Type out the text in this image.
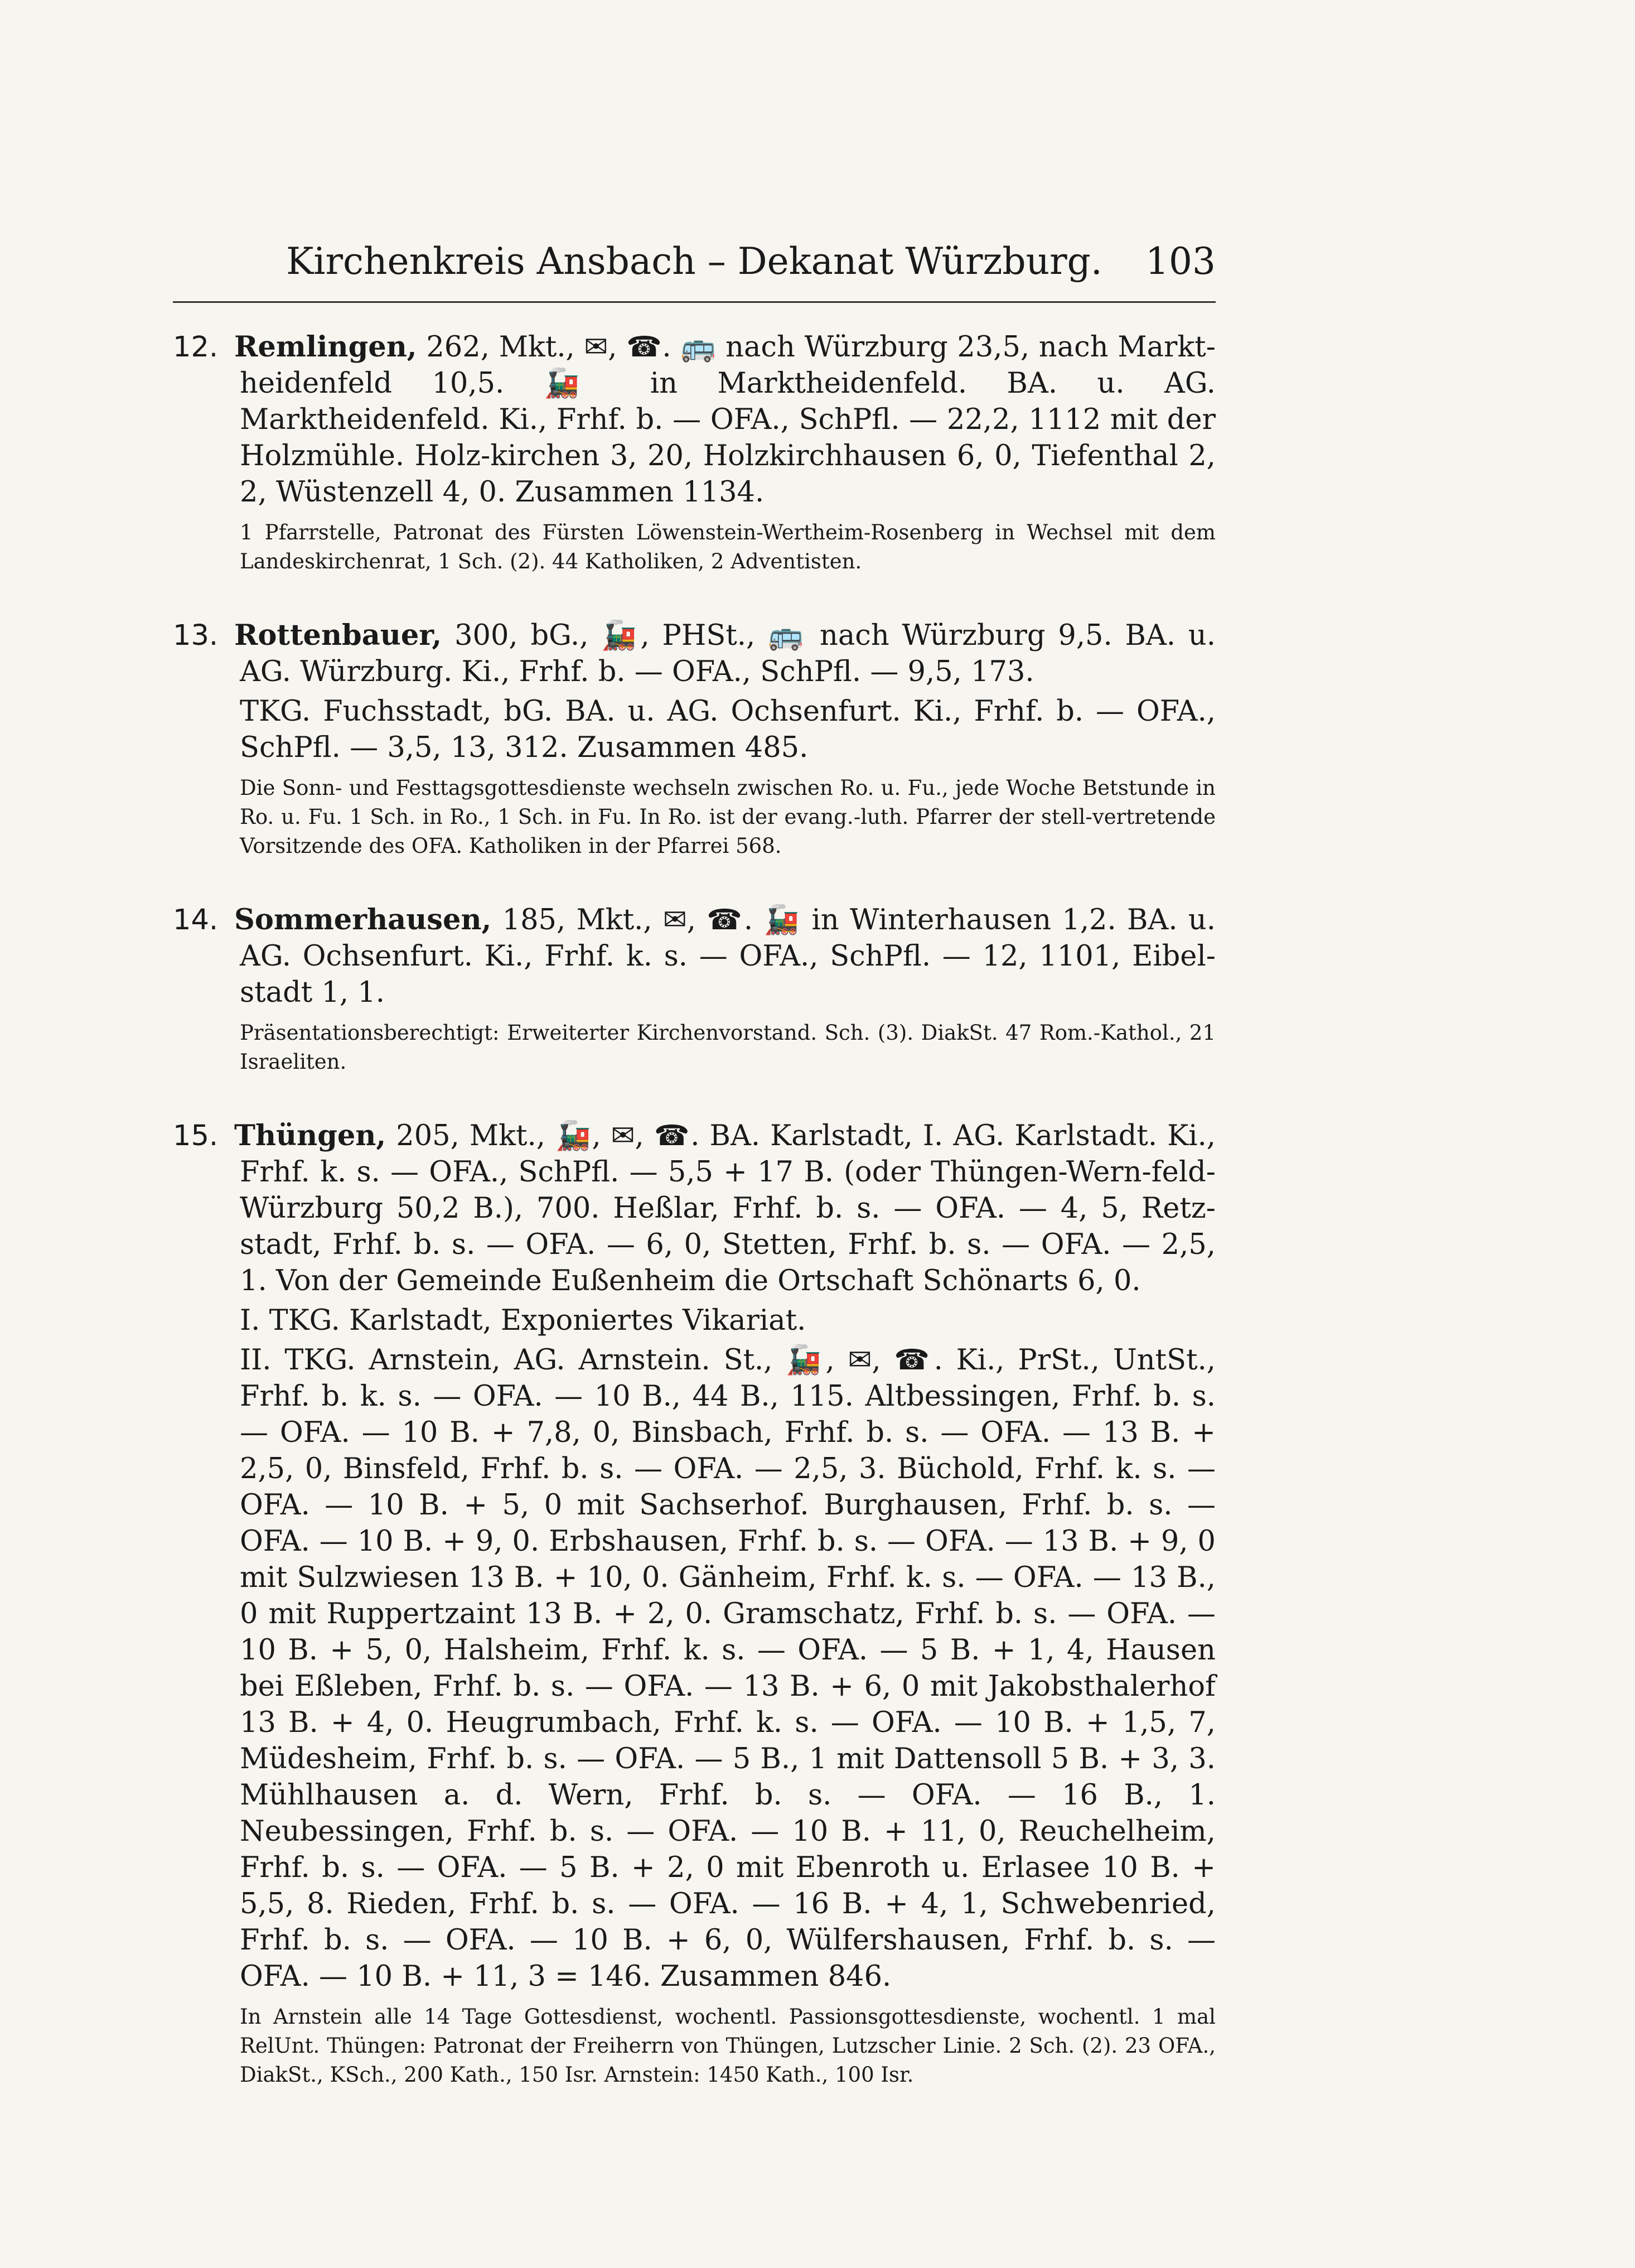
Kirchenkreis Ansbach – Dekanat Würzburg.	103
12. Remlingen, 262, Mkt., ✉, ☎. 🚌 nach Würzburg 23,5, nach Markt-heidenfeld 10,5. 🚂 in Marktheidenfeld. BA. u. AG. Marktheidenfeld. Ki., Frhf. b. — OFA., SchPfl. — 22,2, 1112 mit der Holzmühle. Holz-kirchen 3, 20, Holzkirchhausen 6, 0, Tiefenthal 2, 2, Wüstenzell 4, 0. Zusammen 1134.
1 Pfarrstelle, Patronat des Fürsten Löwenstein-Wertheim-Rosenberg in Wechsel mit dem Landeskirchenrat, 1 Sch. (2). 44 Katholiken, 2 Adventisten.
13. Rottenbauer, 300, bG., 🚂, PHSt., 🚌 nach Würzburg 9,5. BA. u. AG. Würzburg. Ki., Frhf. b. — OFA., SchPfl. — 9,5, 173.
TKG. Fuchsstadt, bG. BA. u. AG. Ochsenfurt. Ki., Frhf. b. — OFA., SchPfl. — 3,5, 13, 312. Zusammen 485.
Die Sonn- und Festtagsgottesdienste wechseln zwischen Ro. u. Fu., jede Woche Betstunde in Ro. u. Fu. 1 Sch. in Ro., 1 Sch. in Fu. In Ro. ist der evang.-luth. Pfarrer der stell-vertretende Vorsitzende des OFA. Katholiken in der Pfarrei 568.
14. Sommerhausen, 185, Mkt., ✉, ☎. 🚂 in Winterhausen 1,2. BA. u. AG. Ochsenfurt. Ki., Frhf. k. s. — OFA., SchPfl. — 12, 1101, Eibel-stadt 1, 1.
Präsentationsberechtigt: Erweiterter Kirchenvorstand. Sch. (3). DiakSt. 47 Rom.-Kathol., 21 Israeliten.
15. Thüngen, 205, Mkt., 🚂, ✉, ☎. BA. Karlstadt, I. AG. Karlstadt. Ki., Frhf. k. s. — OFA., SchPfl. — 5,5 + 17 B. (oder Thüngen-Wern-feld-Würzburg 50,2 B.), 700. Heßlar, Frhf. b. s. — OFA. — 4, 5, Retz-stadt, Frhf. b. s. — OFA. — 6, 0, Stetten, Frhf. b. s. — OFA. — 2,5, 1. Von der Gemeinde Eußenheim die Ortschaft Schönarts 6, 0.
I. TKG. Karlstadt, Exponiertes Vikariat.
II. TKG. Arnstein, AG. Arnstein. St., 🚂, ✉, ☎. Ki., PrSt., UntSt., Frhf. b. k. s. — OFA. — 10 B., 44 B., 115. Altbessingen, Frhf. b. s. — OFA. — 10 B. + 7,8, 0, Binsbach, Frhf. b. s. — OFA. — 13 B. + 2,5, 0, Binsfeld, Frhf. b. s. — OFA. — 2,5, 3. Büchold, Frhf. k. s. — OFA. — 10 B. + 5, 0 mit Sachserhof. Burghausen, Frhf. b. s. — OFA. — 10 B. + 9, 0. Erbshausen, Frhf. b. s. — OFA. — 13 B. + 9, 0 mit Sulzwiesen 13 B. + 10, 0. Gänheim, Frhf. k. s. — OFA. — 13 B., 0 mit Ruppertzaint 13 B. + 2, 0. Gramschatz, Frhf. b. s. — OFA. — 10 B. + 5, 0, Halsheim, Frhf. k. s. — OFA. — 5 B. + 1, 4, Hausen bei Eßleben, Frhf. b. s. — OFA. — 13 B. + 6, 0 mit Jakobsthalerhof 13 B. + 4, 0. Heugrumbach, Frhf. k. s. — OFA. — 10 B. + 1,5, 7, Müdesheim, Frhf. b. s. — OFA. — 5 B., 1 mit Dattensoll 5 B. + 3, 3. Mühlhausen a. d. Wern, Frhf. b. s. — OFA. — 16 B., 1. Neubessingen, Frhf. b. s. — OFA. — 10 B. + 11, 0, Reuchelheim, Frhf. b. s. — OFA. — 5 B. + 2, 0 mit Ebenroth u. Erlasee 10 B. + 5,5, 8. Rieden, Frhf. b. s. — OFA. — 16 B. + 4, 1, Schwebenried, Frhf. b. s. — OFA. — 10 B. + 6, 0, Wülfershausen, Frhf. b. s. — OFA. — 10 B. + 11, 3 = 146. Zusammen 846.
In Arnstein alle 14 Tage Gottesdienst, wochentl. Passionsgottesdienste, wochentl. 1 mal RelUnt. Thüngen: Patronat der Freiherrn von Thüngen, Lutzscher Linie. 2 Sch. (2). 23 OFA., DiakSt., KSch., 200 Kath., 150 Isr. Arnstein: 1450 Kath., 100 Isr.
